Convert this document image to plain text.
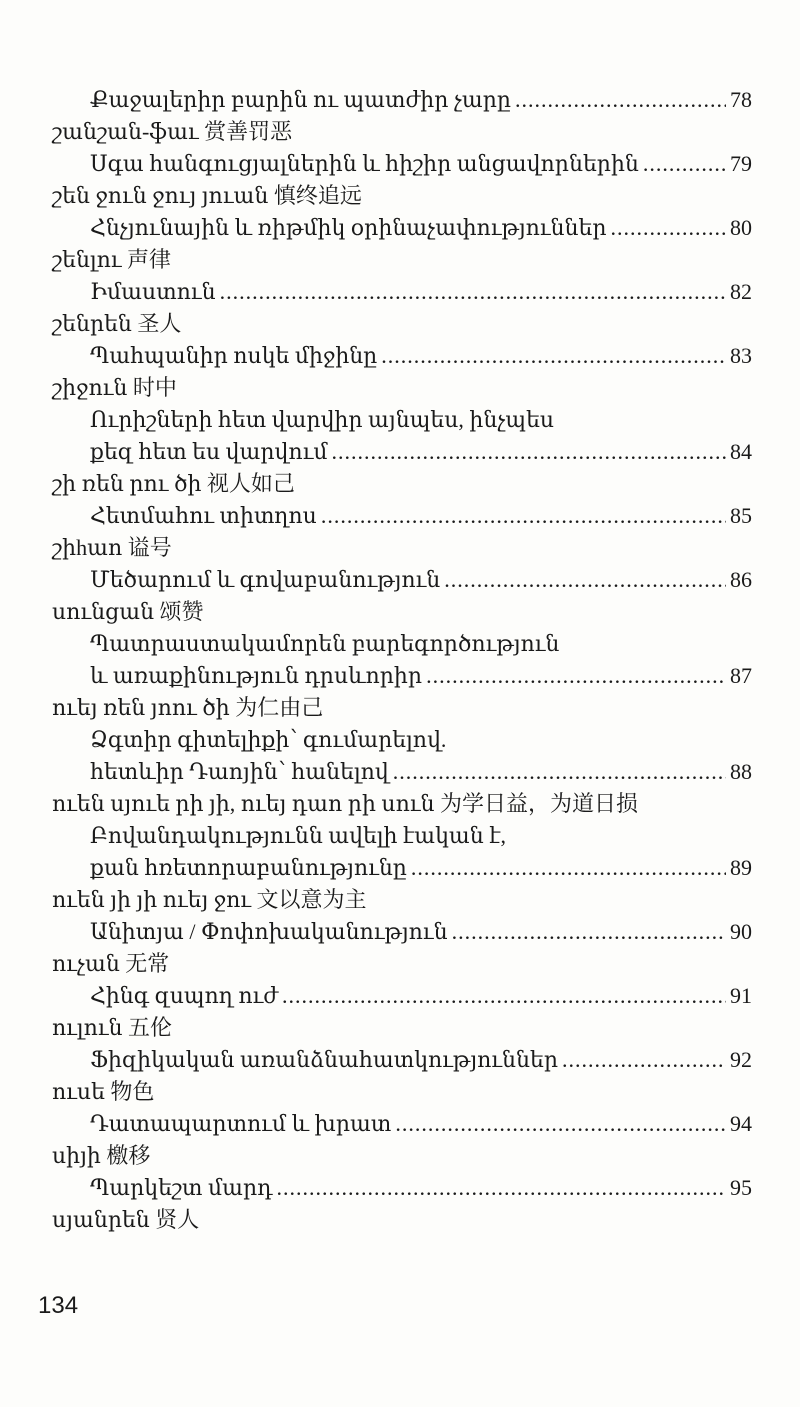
Քաջալերիր բարին ու պատժիր չարը .....	78
շանշան-ֆաւ 赏善罚恶
Սգա հանգուցյալներին և հիշիր անցավորներին .....	79
շեն ջուն ջույ յուան 慎终追远
Հնչյունային և ռիթմիկ օրինաչափություններ .....	80
շենլու 声律
Իմաստուն .....	82
շենրեն 圣人
Պահպանիր ոսկե միջինը .....	83
շիջուն 时中
Ուրիշների հետ վարվիր այնպես, ինչպես
քեզ հետ ես վարվում .....	84
շի ռեն րու ծի 视人如己
Հետմահու տիտղոս .....	85
շիhաո 谥号
Մեծարում և գովաբանություն .....	86
սունցան 颂赞
Պատրաստակամորեն բարեգործություն
և առաքինություն դրսևորիր .....	87
ուեյ ռեն յոու ծի 为仁由己
Ձգտիր գիտելիքի՝ գումարելով.
հետևիր Դաոյին՝ հանելով .....	88
ուեն սյուե րի յի, ուեյ դաո րի սուն 为学日益，为道日损
Բովանդակությունն ավելի էական է,
քան հռետորաբանությունը .....	89
ուեն յի յի ուեյ ջու 文以意为主
Անիտյա / Փոփոխականություն .....	90
ուչան 无常
Հինգ զսպող ուժ .....	91
ուլուն 五伦
Ֆիզիկական առանձնահատկություններ .....	92
ուսե 物色
Դատապարտում և խրատ .....	94
սիյի 檄移
Պարկեշտ մարդ .....	95
սյանրեն 贤人
134
